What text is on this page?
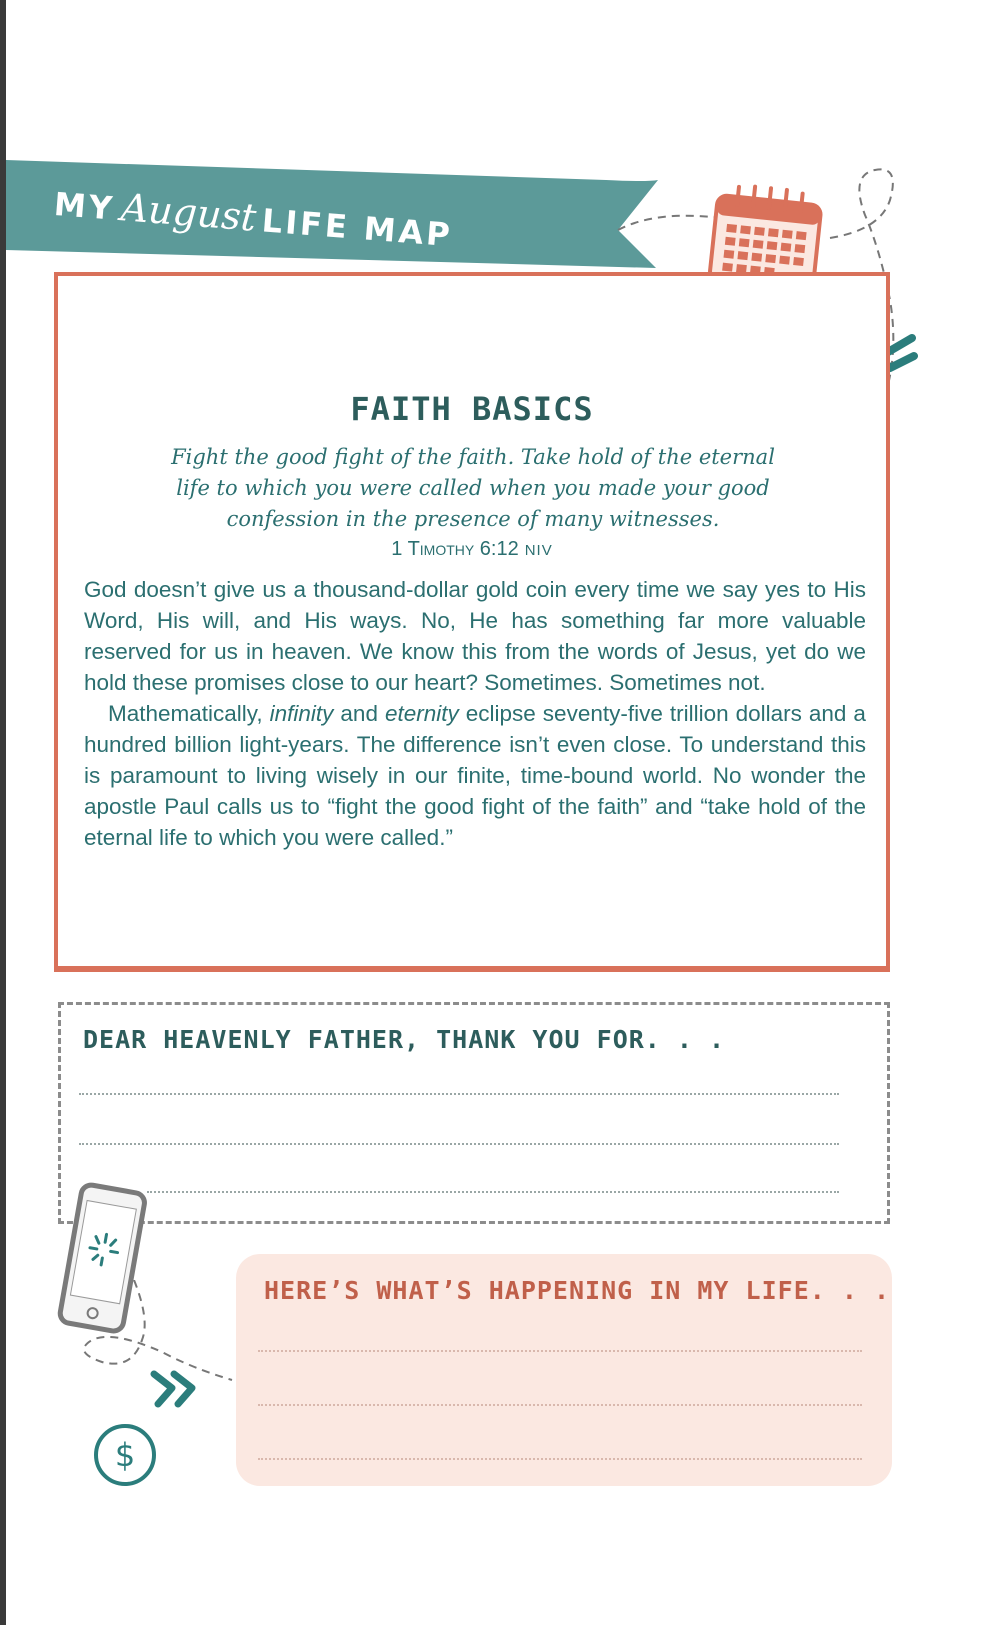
MYAugustLIFE MAP
FAITH BASICS
Fight the good fight of the faith. Take hold of the eternal
life to which you were called when you made your good
confession in the presence of many witnesses.
1 Timothy 6:12 NIV

God doesn’t give us a thousand-dollar gold coin every time we say yes to His Word, His will, and His ways. No, He has something far more valuable reserved for us in heaven. We know this from the words of Jesus, yet do we hold these promises close to our heart? Sometimes. Sometimes not.

Mathematically, infinity and eternity eclipse seventy-five trillion dollars and a hundred billion light-years. The difference isn’t even close. To understand this is paramount to living wisely in our finite, time-bound world. No wonder the apostle Paul calls us to “fight the good fight of the faith” and “take hold of the eternal life to which you were called.”

DEAR HEAVENLY FATHER, THANK YOU FOR. . .
$
HERE’S WHAT’S HAPPENING IN MY LIFE. . .
